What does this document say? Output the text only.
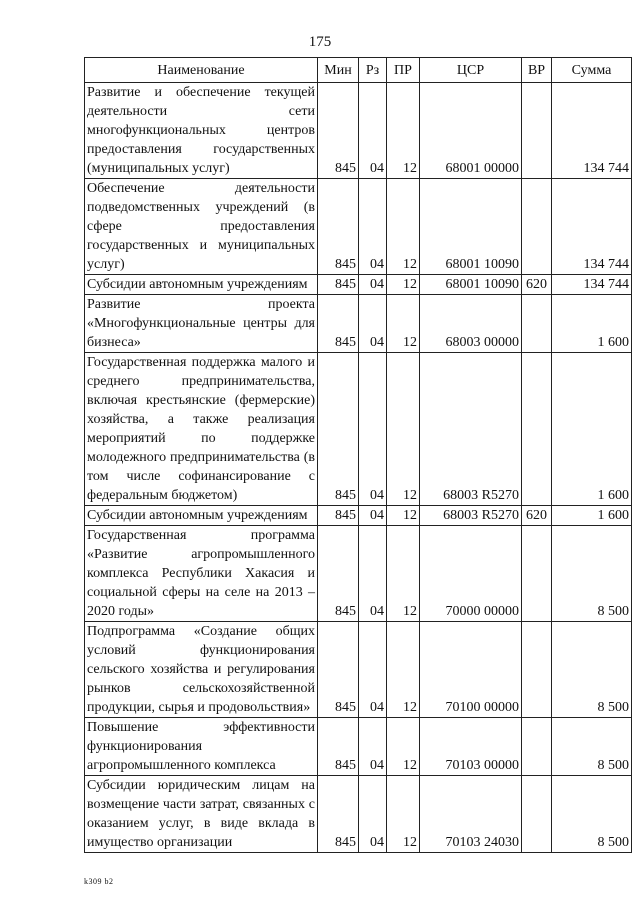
175
Наименование	Мин	Рз	ПР	ЦСР	ВР	Сумма
Развитие и обеспечение текущей деятельности сети многофункциональных центров предоставления государственных (муниципальных услуг)	845	04	12	68001 00000		134 744
Обеспечение деятельности подведомственных учреждений (в сфере предоставления государственных и муниципальных услуг)	845	04	12	68001 10090		134 744
Субсидии автономным учреждениям	845	04	12	68001 10090	620	134 744
Развитие проекта «Многофункциональные центры для бизнеса»	845	04	12	68003 00000		1 600
Государственная поддержка малого и среднего предпринимательства, включая крестьянские (фермерские) хозяйства, а также реализация мероприятий по поддержке молодежного предпринимательства (в том числе софинансирование с федеральным бюджетом)	845	04	12	68003 R5270		1 600
Субсидии автономным учреждениям	845	04	12	68003 R5270	620	1 600
Государственная программа «Развитие агропромышленного комплекса Республики Хакасия и социальной сферы на селе на 2013 – 2020 годы»	845	04	12	70000 00000		8 500
Подпрограмма «Создание общих условий функционирования сельского хозяйства и регулирования рынков сельскохозяйственной продукции, сырья и продовольствия»	845	04	12	70100 00000		8 500
Повышение эффективности функционирования агропромышленного комплекса	845	04	12	70103 00000		8 500
Субсидии юридическим лицам на возмещение части затрат, связанных с оказанием услуг, в виде вклада в имущество организации	845	04	12	70103 24030		8 500
k309 b2
